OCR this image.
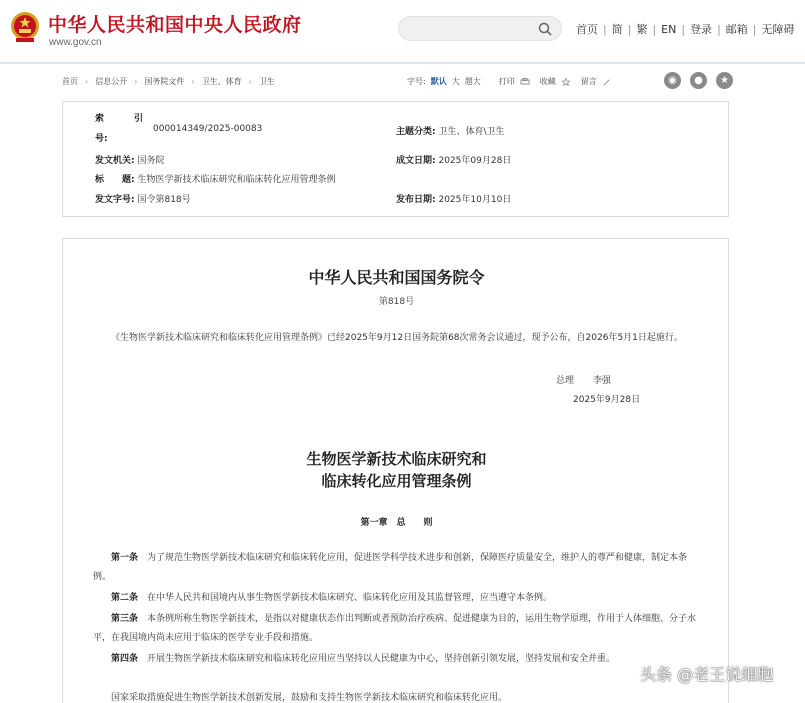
中华人民共和国中央人民政府
www.gov.cn
首页 | 简 | 繁 | EN | 登录 | 邮箱 | 无障碍
首页 › 信息公开 › 国务院文件 › 卫生、体育 › 卫生	字号: 默认 大 超大 打印	收藏	留言	◉	●	★
索　　引
号:
000014349/2025-00083	主题分类: 卫生、体育\卫生
发文机关: 国务院	成文日期: 2025年09月28日
标　　题: 生物医学新技术临床研究和临床转化应用管理条例
发文字号: 国令第818号	发布日期: 2025年10月10日
中华人民共和国国务院令
第818号
《生物医学新技术临床研究和临床转化应用管理条例》已经2025年9月12日国务院第68次常务会议通过，现予公布，自2026年5月1日起施行。
总理 李强
2025年9月28日
生物医学新技术临床研究和
临床转化应用管理条例
第一章　总　　则
第一条　 为了规范生物医学新技术临床研究和临床转化应用，促进医学科学技术进步和创新，保障医疗质量安全，维护人的尊严和健康，制定本条例。
第二条　 在中华人民共和国境内从事生物医学新技术临床研究、临床转化应用及其监督管理，应当遵守本条例。
第三条　 本条例所称生物医学新技术，是指以对健康状态作出判断或者预防治疗疾病、促进健康为目的，运用生物学原理，作用于人体细胞、分子水平，在我国境内尚未应用于临床的医学专业手段和措施。
第四条　 开展生物医学新技术临床研究和临床转化应用应当坚持以人民健康为中心，坚持创新引领发展，坚持发展和安全并重。
国家采取措施促进生物医学新技术创新发展，鼓励和支持生物医学新技术临床研究和临床转化应用。
头条 @老王说细胞
